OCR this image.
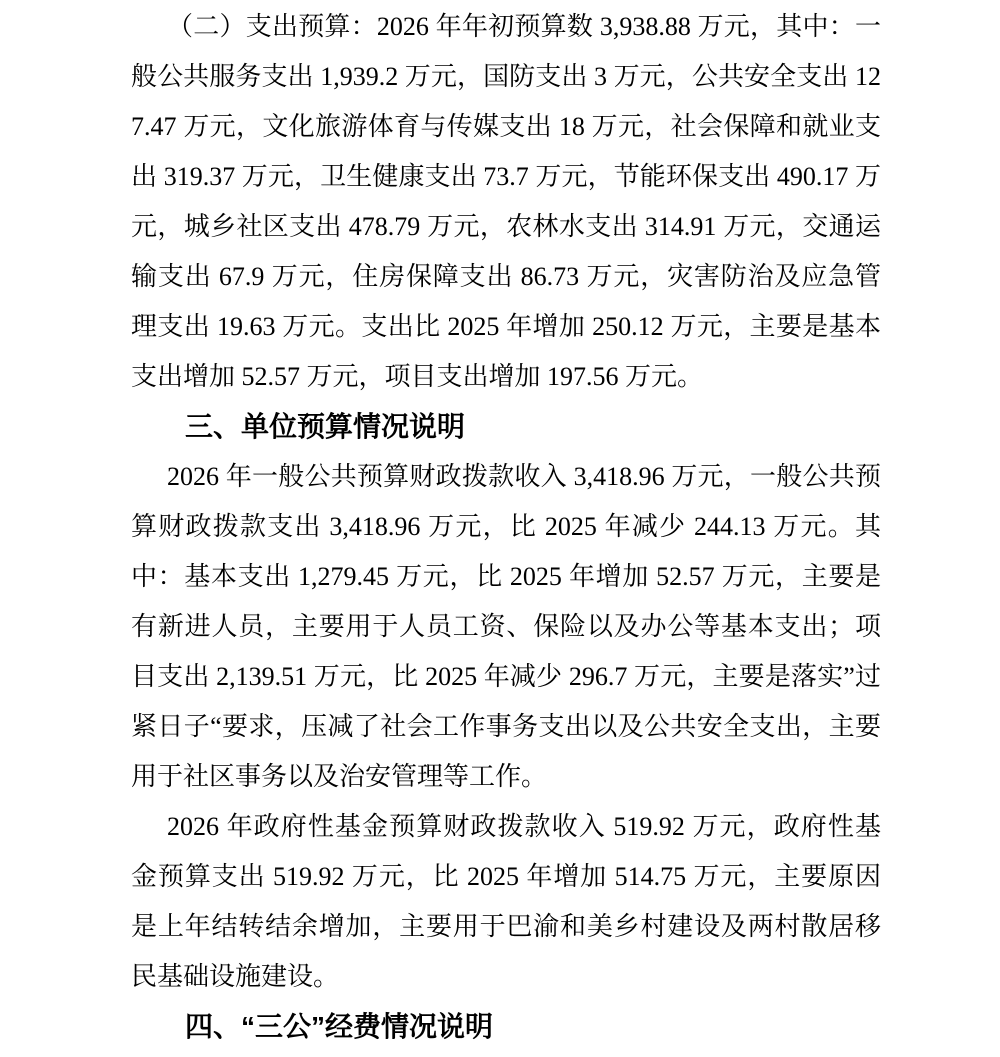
（二）支出预算：2026 年年初预算数 3,938.88 万元，其中：一般公共服务支出 1,939.2 万元，国防支出 3 万元，公共安全支出 127.47 万元，文化旅游体育与传媒支出 18 万元，社会保障和就业支出 319.37 万元，卫生健康支出 73.7 万元，节能环保支出 490.17 万元，城乡社区支出 478.79 万元，农林水支出 314.91 万元，交通运输支出 67.9 万元，住房保障支出 86.73 万元，灾害防治及应急管理支出 19.63 万元。支出比 2025 年增加 250.12 万元，主要是基本支出增加 52.57 万元，项目支出增加 197.56 万元。

三、单位预算情况说明

2026 年一般公共预算财政拨款收入 3,418.96 万元，一般公共预算财政拨款支出 3,418.96 万元，比 2025 年减少 244.13 万元。其中：基本支出 1,279.45 万元，比 2025 年增加 52.57 万元，主要是有新进人员，主要用于人员工资、保险以及办公等基本支出；项目支出 2,139.51 万元，比 2025 年减少 296.7 万元，主要是落实”过紧日子“要求，压减了社会工作事务支出以及公共安全支出，主要用于社区事务以及治安管理等工作。

2026 年政府性基金预算财政拨款收入 519.92 万元，政府性基金预算支出 519.92 万元，比 2025 年增加 514.75 万元，主要原因是上年结转结余增加，主要用于巴渝和美乡村建设及两村散居移民基础设施建设。

四、“三公”经费情况说明
